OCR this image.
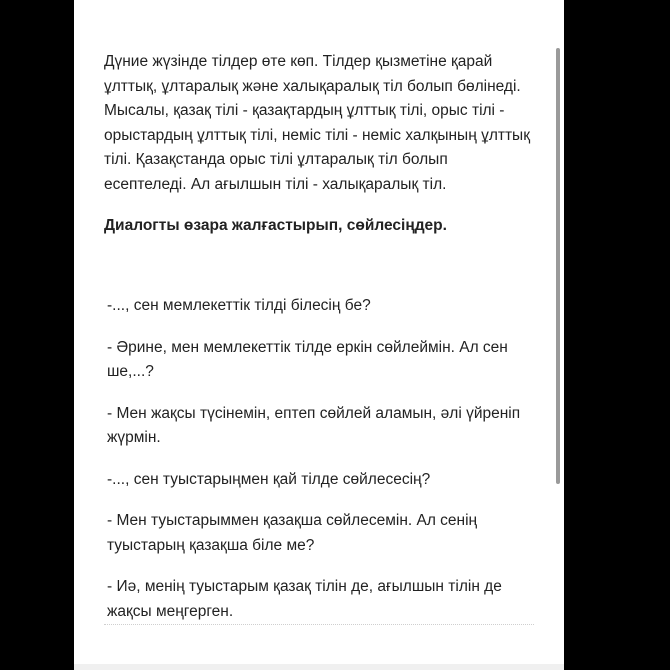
Дүние жүзінде тілдер өте көп. Тілдер қызметіне қарай ұлттық, ұлтаралық және халықаралық тіл болып бөлінеді. Мысалы, қазақ тілі - қазақтардың ұлттық тілі, орыс тілі - орыстардың ұлттық тілі, неміс тілі - неміс халқының ұлттық тілі. Қазақстанда орыс тілі ұлтаралық тіл болып есептеледі. Ал ағылшын тілі - халықаралық тіл.

Диалогты өзара жалғастырып, сөйлесіңдер.

-..., сен мемлекеттік тілді білесің бе?

- Әрине, мен мемлекеттік тілде еркін сөйлеймін. Ал сен ше,...?

- Мен жақсы түсінемін, ептеп сөйлей аламын, әлі үйреніп жүрмін.

-..., сен туыстарыңмен қай тілде сөйлесесің?

- Мен туыстарыммен қазақша сөйлесемін. Ал сенің туыстарың қазақша біле ме?

- Иә, менің туыстарым қазақ тілін де, ағылшын тілін де жақсы меңгерген.
